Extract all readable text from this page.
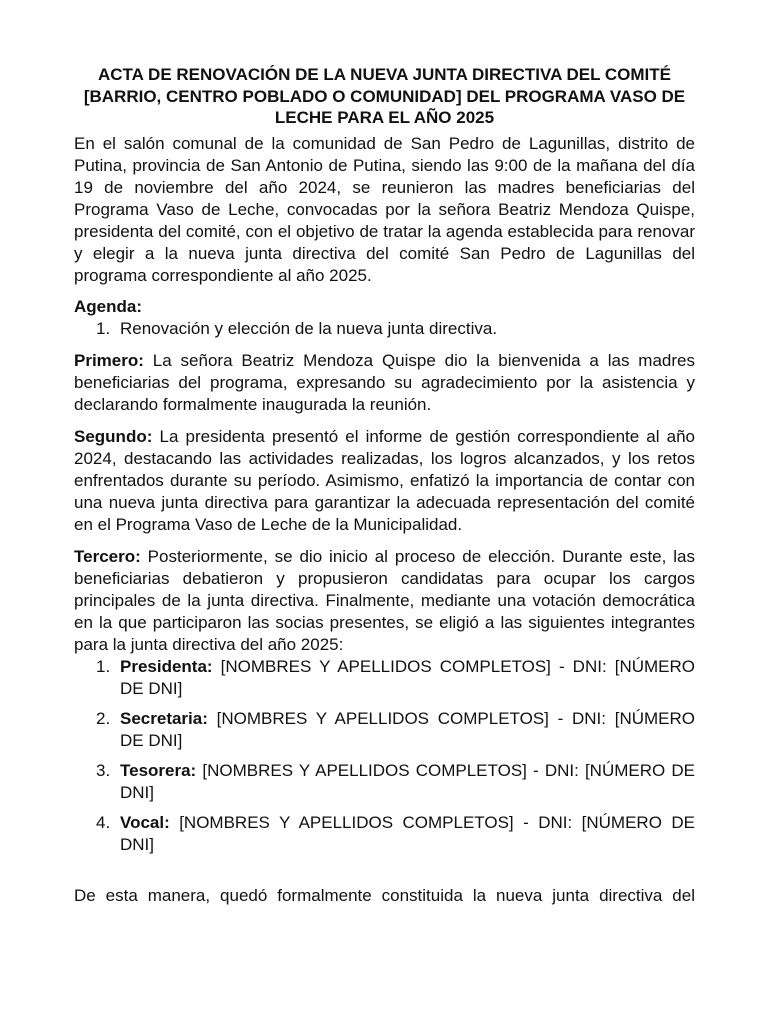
ACTA DE RENOVACIÓN DE LA NUEVA JUNTA DIRECTIVA DEL COMITÉ [BARRIO, CENTRO POBLADO O COMUNIDAD] DEL PROGRAMA VASO DE LECHE PARA EL AÑO 2025

En el salón comunal de la comunidad de San Pedro de Lagunillas, distrito de Putina, provincia de San Antonio de Putina, siendo las 9:00 de la mañana del día 19 de noviembre del año 2024, se reunieron las madres beneficiarias del Programa Vaso de Leche, convocadas por la señora Beatriz Mendoza Quispe, presidenta del comité, con el objetivo de tratar la agenda establecida para renovar y elegir a la nueva junta directiva del comité San Pedro de Lagunillas del programa correspondiente al año 2025.

Agenda:

1. Renovación y elección de la nueva junta directiva.

Primero: La señora Beatriz Mendoza Quispe dio la bienvenida a las madres beneficiarias del programa, expresando su agradecimiento por la asistencia y declarando formalmente inaugurada la reunión.

Segundo: La presidenta presentó el informe de gestión correspondiente al año 2024, destacando las actividades realizadas, los logros alcanzados, y los retos enfrentados durante su período. Asimismo, enfatizó la importancia de contar con una nueva junta directiva para garantizar la adecuada representación del comité en el Programa Vaso de Leche de la Municipalidad.

Tercero: Posteriormente, se dio inicio al proceso de elección. Durante este, las beneficiarias debatieron y propusieron candidatas para ocupar los cargos principales de la junta directiva. Finalmente, mediante una votación democrática en la que participaron las socias presentes, se eligió a las siguientes integrantes para la junta directiva del año 2025:

1. Presidenta: [NOMBRES Y APELLIDOS COMPLETOS] - DNI: [NÚMERO DE DNI]
2. Secretaria: [NOMBRES Y APELLIDOS COMPLETOS] - DNI: [NÚMERO DE DNI]
3. Tesorera: [NOMBRES Y APELLIDOS COMPLETOS] - DNI: [NÚMERO DE DNI]
4. Vocal: [NOMBRES Y APELLIDOS COMPLETOS] - DNI: [NÚMERO DE DNI]

De esta manera, quedó formalmente constituida la nueva junta directiva del
